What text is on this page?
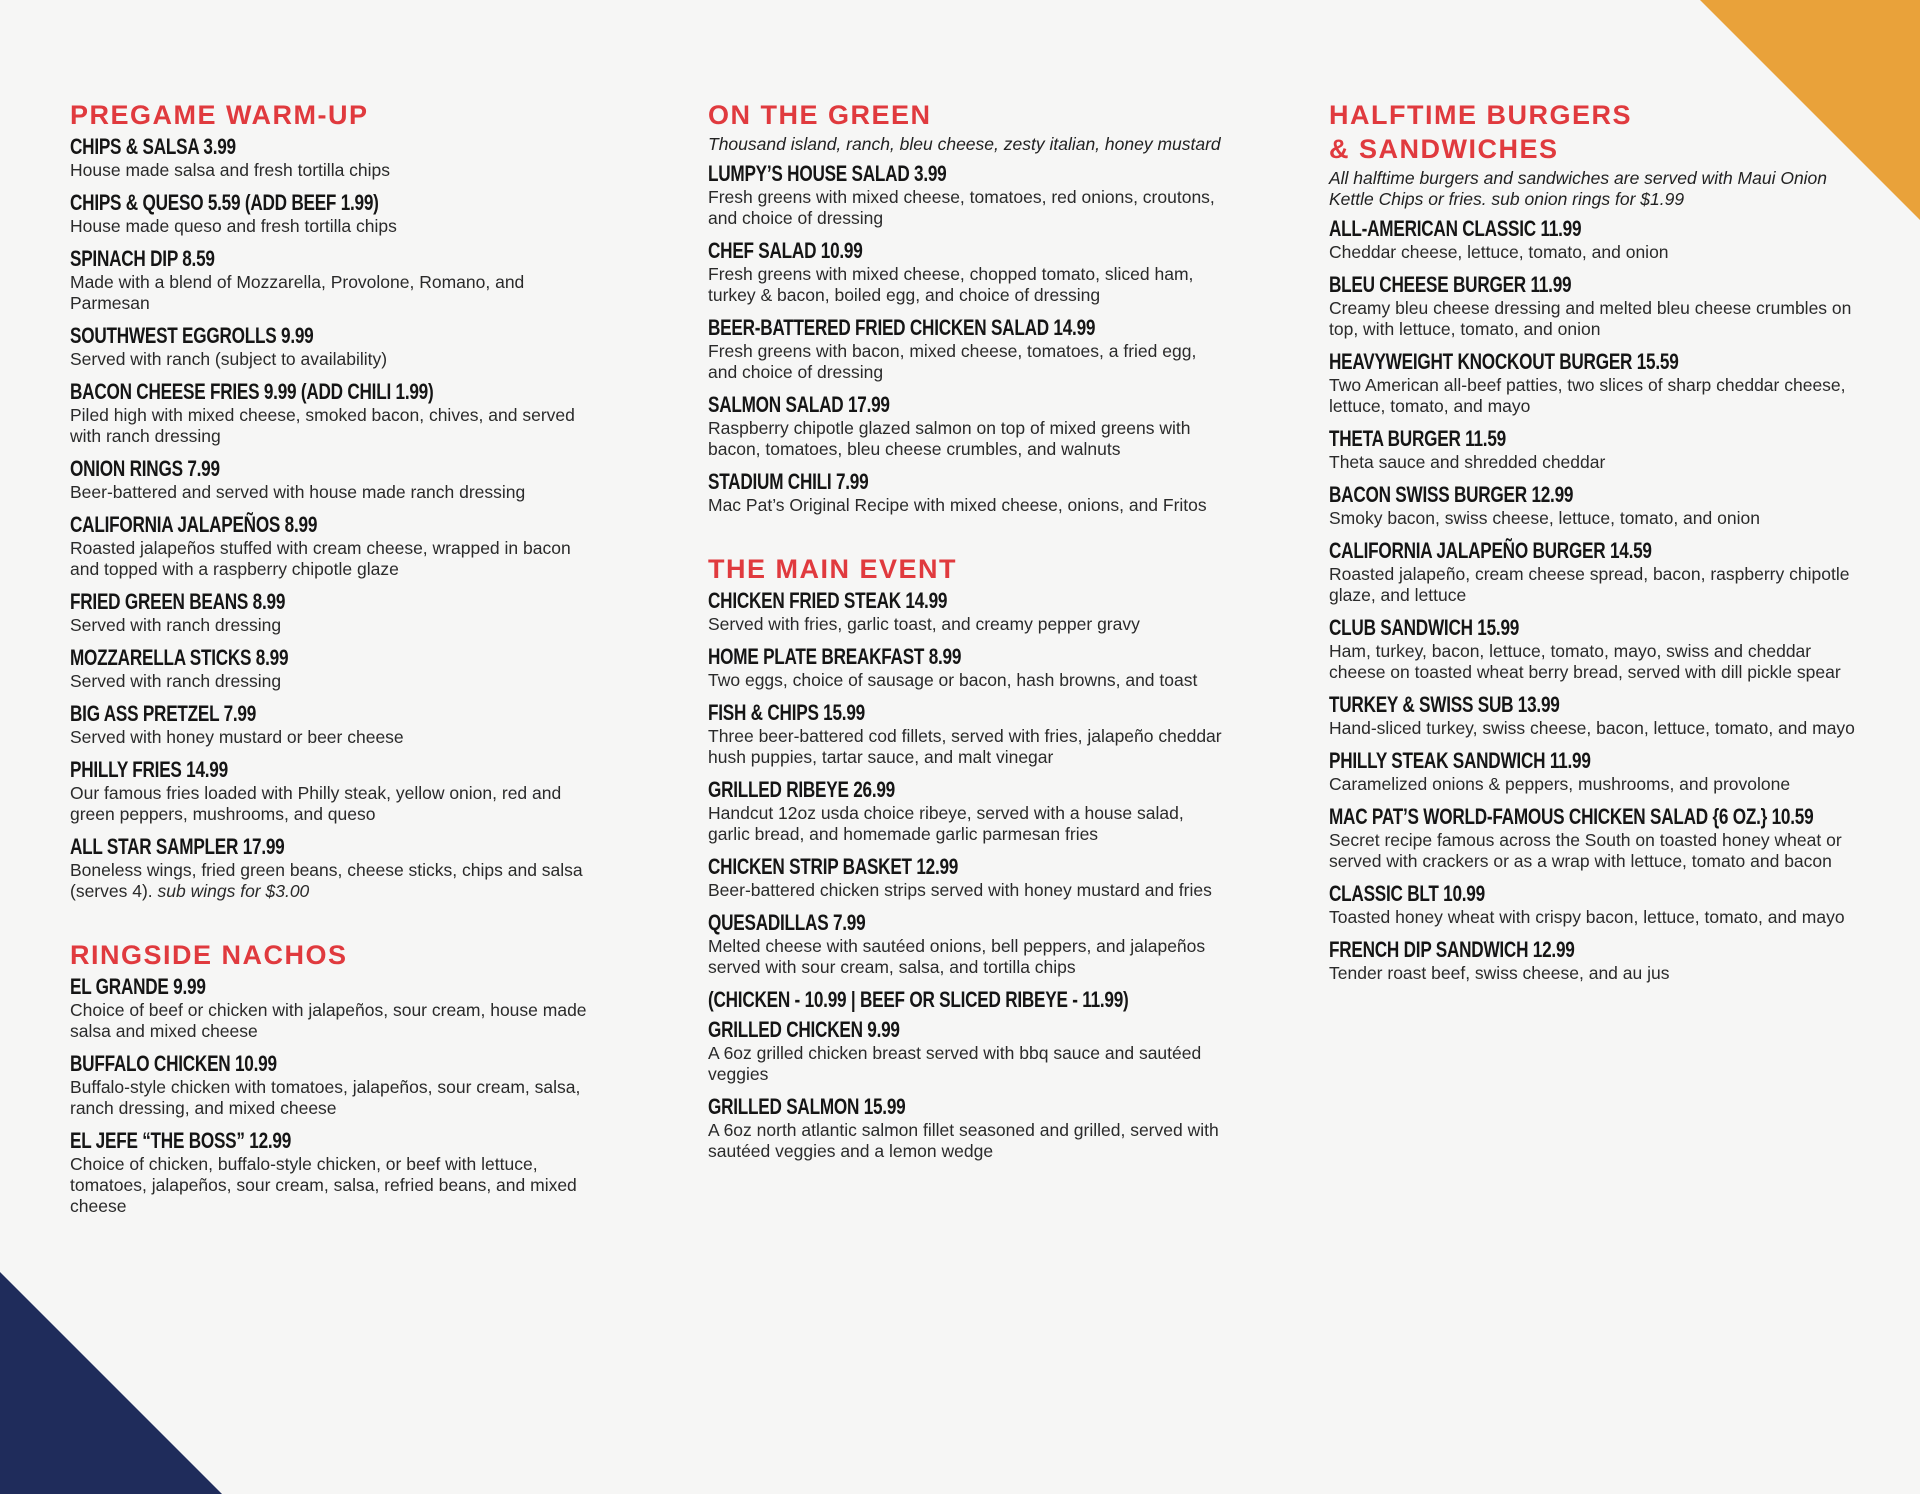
PREGAME WARM-UP
CHIPS & SALSA 3.99
House made salsa and fresh tortilla chips
CHIPS & QUESO 5.59 (ADD BEEF 1.99)
House made queso and fresh tortilla chips
SPINACH DIP 8.59
Made with a blend of Mozzarella, Provolone, Romano, and Parmesan
SOUTHWEST EGGROLLS 9.99
Served with ranch (subject to availability)
BACON CHEESE FRIES 9.99 (ADD CHILI 1.99)
Piled high with mixed cheese, smoked bacon, chives, and served with ranch dressing
ONION RINGS 7.99
Beer-battered and served with house made ranch dressing
CALIFORNIA JALAPEÑOS 8.99
Roasted jalapeños stuffed with cream cheese, wrapped in bacon and topped with a raspberry chipotle glaze
FRIED GREEN BEANS 8.99
Served with ranch dressing
MOZZARELLA STICKS 8.99
Served with ranch dressing
BIG ASS PRETZEL 7.99
Served with honey mustard or beer cheese
PHILLY FRIES 14.99
Our famous fries loaded with Philly steak, yellow onion, red and green peppers, mushrooms, and queso
ALL STAR SAMPLER 17.99
Boneless wings, fried green beans, cheese sticks, chips and salsa (serves 4). sub wings for $3.00
RINGSIDE NACHOS
EL GRANDE 9.99
Choice of beef or chicken with jalapeños, sour cream, house made salsa and mixed cheese
BUFFALO CHICKEN 10.99
Buffalo-style chicken with tomatoes, jalapeños, sour cream, salsa, ranch dressing, and mixed cheese
EL JEFE “THE BOSS” 12.99
Choice of chicken, buffalo-style chicken, or beef with lettuce, tomatoes, jalapeños, sour cream, salsa, refried beans, and mixed cheese
ON THE GREEN
Thousand island, ranch, bleu cheese, zesty italian, honey mustard
LUMPY’S HOUSE SALAD 3.99
Fresh greens with mixed cheese, tomatoes, red onions, croutons, and choice of dressing
CHEF SALAD 10.99
Fresh greens with mixed cheese, chopped tomato, sliced ham, turkey & bacon, boiled egg, and choice of dressing
BEER-BATTERED FRIED CHICKEN SALAD 14.99
Fresh greens with bacon, mixed cheese, tomatoes, a fried egg, and choice of dressing
SALMON SALAD 17.99
Raspberry chipotle glazed salmon on top of mixed greens with bacon, tomatoes, bleu cheese crumbles, and walnuts
STADIUM CHILI 7.99
Mac Pat’s Original Recipe with mixed cheese, onions, and Fritos
THE MAIN EVENT
CHICKEN FRIED STEAK 14.99
Served with fries, garlic toast, and creamy pepper gravy
HOME PLATE BREAKFAST 8.99
Two eggs, choice of sausage or bacon, hash browns, and toast
FISH & CHIPS 15.99
Three beer-battered cod fillets, served with fries, jalapeño cheddar hush puppies, tartar sauce, and malt vinegar
GRILLED RIBEYE 26.99
Handcut 12oz usda choice ribeye, served with a house salad, garlic bread, and homemade garlic parmesan fries
CHICKEN STRIP BASKET 12.99
Beer-battered chicken strips served with honey mustard and fries
QUESADILLAS 7.99
Melted cheese with sautéed onions, bell peppers, and jalapeños served with sour cream, salsa, and tortilla chips
(CHICKEN - 10.99 | BEEF OR SLICED RIBEYE - 11.99)
GRILLED CHICKEN 9.99
A 6oz grilled chicken breast served with bbq sauce and sautéed veggies
GRILLED SALMON 15.99
A 6oz north atlantic salmon fillet seasoned and grilled, served with sautéed veggies and a lemon wedge
HALFTIME BURGERS & SANDWICHES
All halftime burgers and sandwiches are served with Maui Onion Kettle Chips or fries. sub onion rings for $1.99
ALL-AMERICAN CLASSIC 11.99
Cheddar cheese, lettuce, tomato, and onion
BLEU CHEESE BURGER 11.99
Creamy bleu cheese dressing and melted bleu cheese crumbles on top, with lettuce, tomato, and onion
HEAVYWEIGHT KNOCKOUT BURGER 15.59
Two American all-beef patties, two slices of sharp cheddar cheese, lettuce, tomato, and mayo
THETA BURGER 11.59
Theta sauce and shredded cheddar
BACON SWISS BURGER 12.99
Smoky bacon, swiss cheese, lettuce, tomato, and onion
CALIFORNIA JALAPEÑO BURGER 14.59
Roasted jalapeño, cream cheese spread, bacon, raspberry chipotle glaze, and lettuce
CLUB SANDWICH 15.99
Ham, turkey, bacon, lettuce, tomato, mayo, swiss and cheddar cheese on toasted wheat berry bread, served with dill pickle spear
TURKEY & SWISS SUB 13.99
Hand-sliced turkey, swiss cheese, bacon, lettuce, tomato, and mayo
PHILLY STEAK SANDWICH 11.99
Caramelized onions & peppers, mushrooms, and provolone
MAC PAT’S WORLD-FAMOUS CHICKEN SALAD {6 OZ.} 10.59
Secret recipe famous across the South on toasted honey wheat or served with crackers or as a wrap with lettuce, tomato and bacon
CLASSIC BLT 10.99
Toasted honey wheat with crispy bacon, lettuce, tomato, and mayo
FRENCH DIP SANDWICH 12.99
Tender roast beef, swiss cheese, and au jus
